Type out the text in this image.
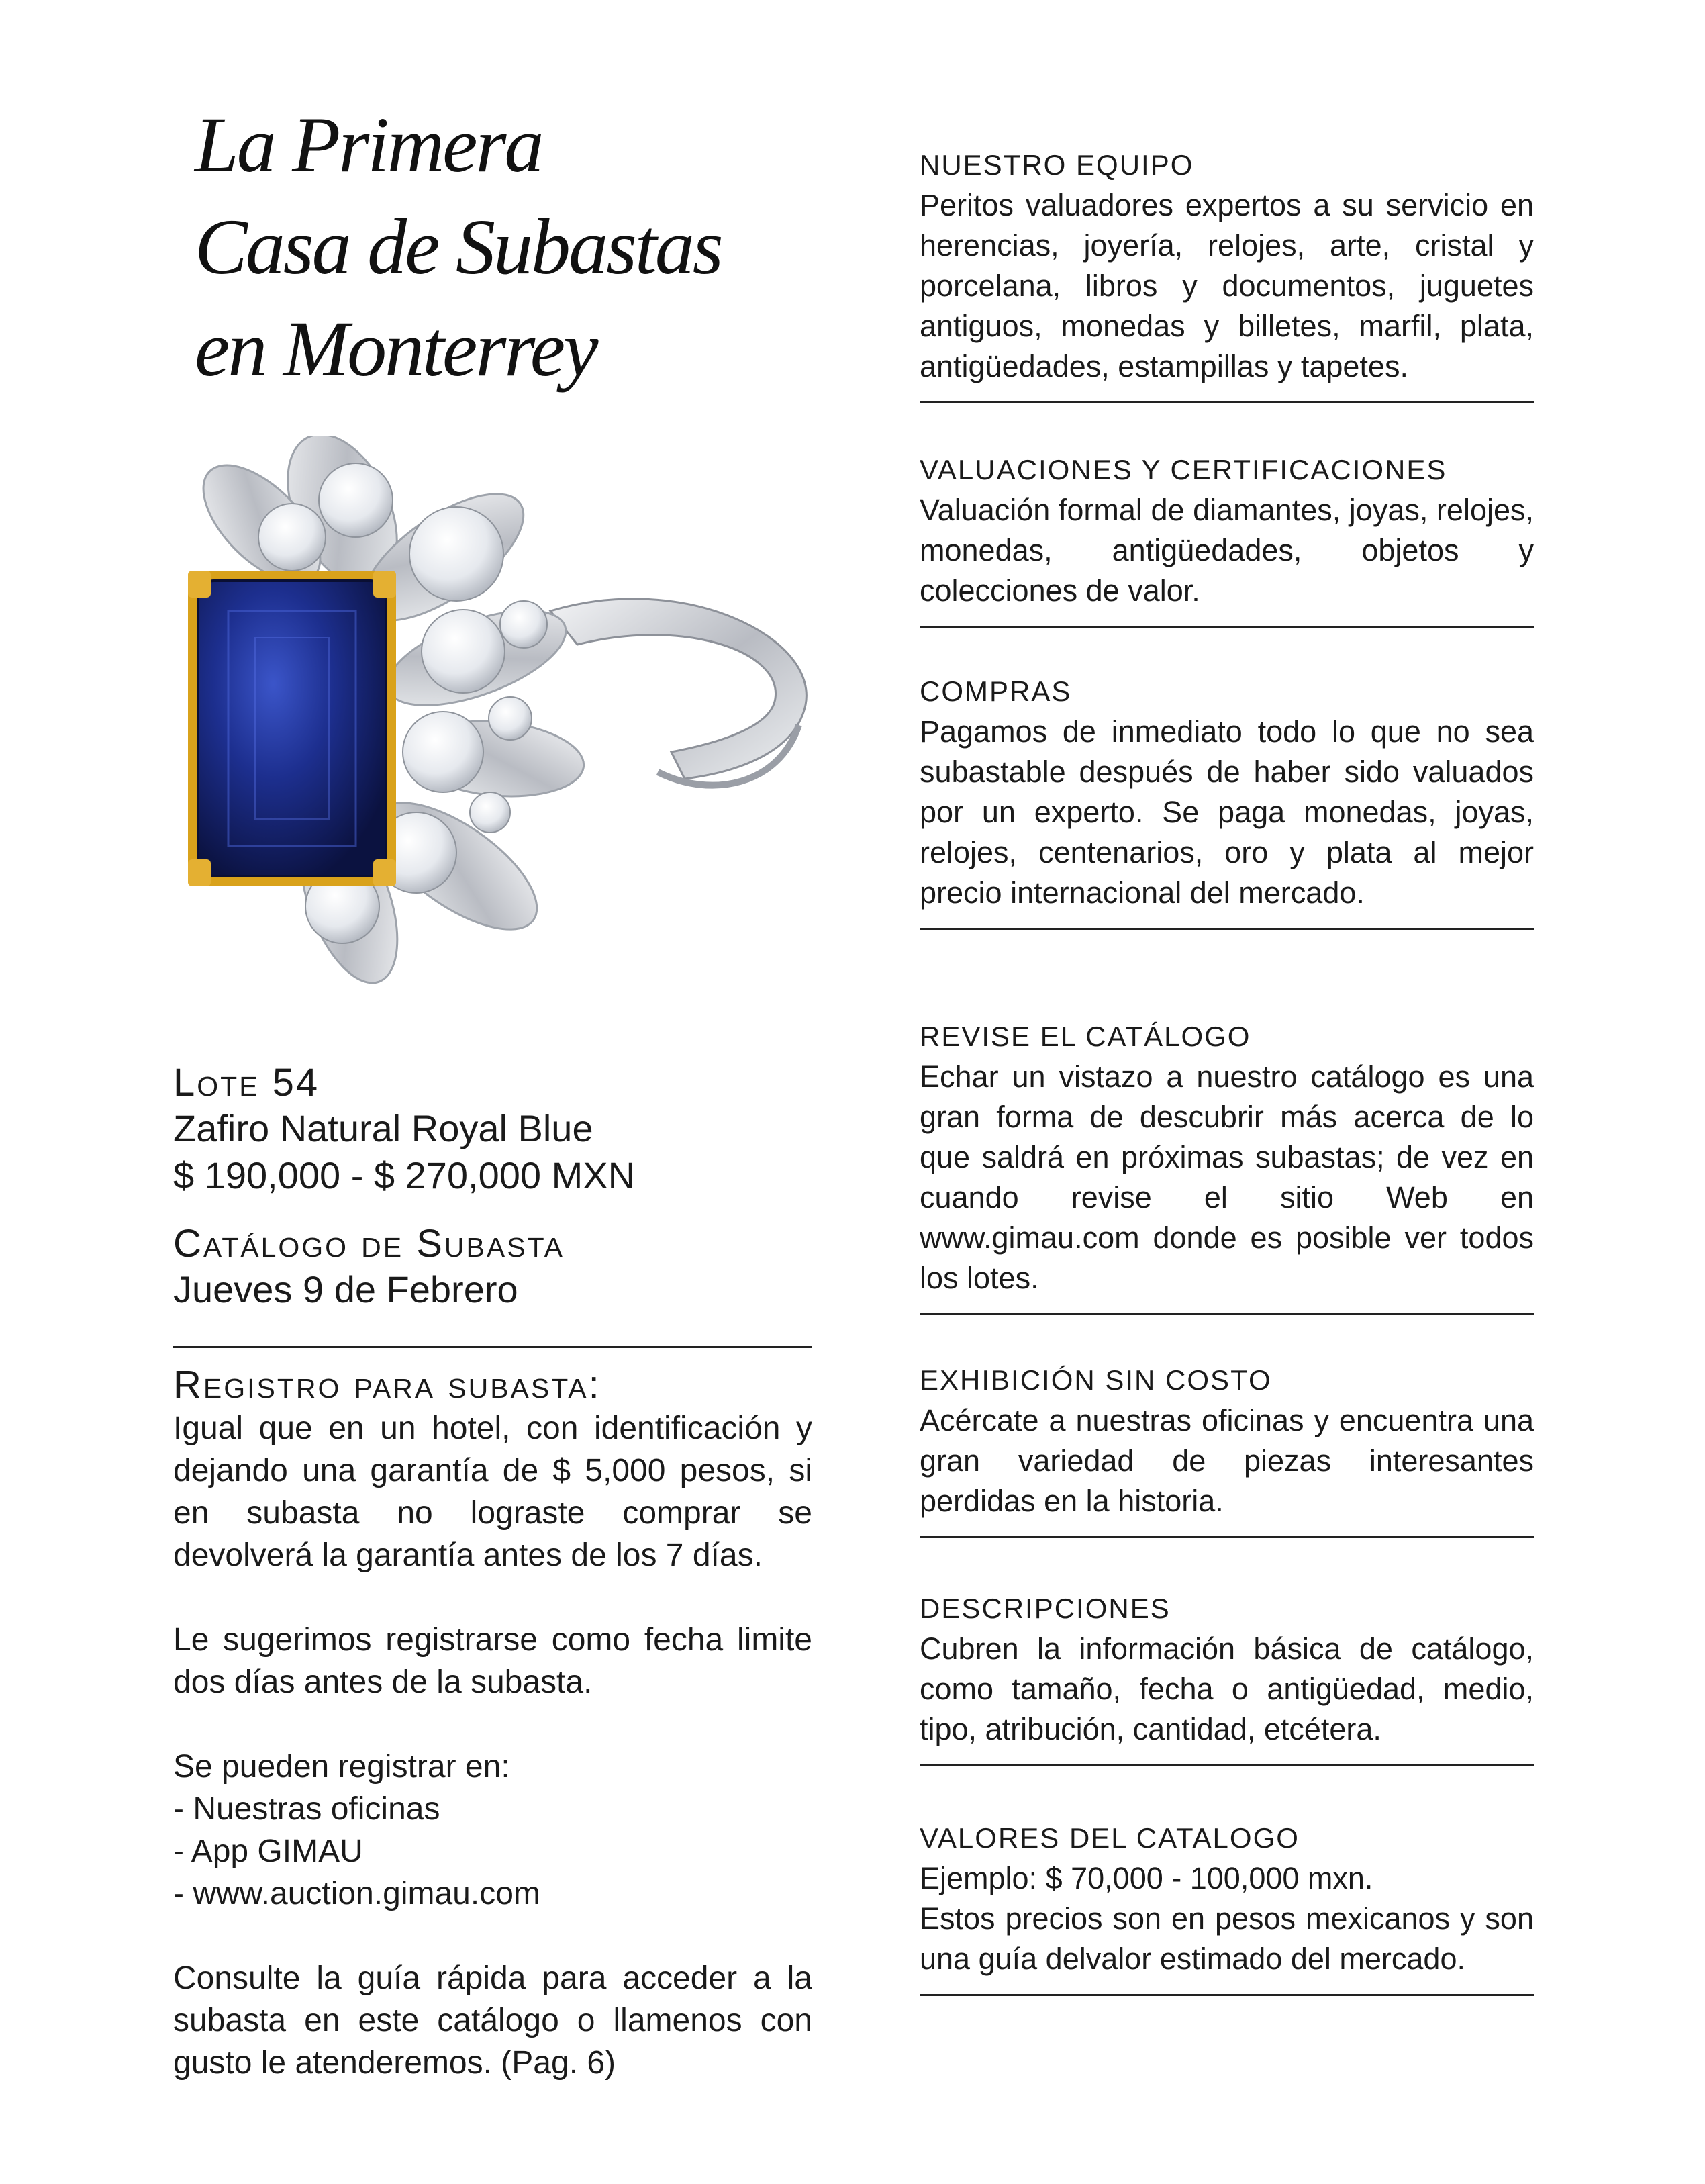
La Primera
Casa de Subastas
en Monterrey
Lote 54
Zafiro Natural Royal Blue
$ 190,000 - $ 270,000 MXN
Catálogo de Subasta
Jueves 9 de Febrero
Registro para subasta:

Igual que en un hotel, con identificación y dejando una garantía de $ 5,000 pesos, si en subasta no lograste comprar se devolverá la garantía antes de los 7 días.

Le sugerimos registrarse como fecha limite dos días antes de la subasta.

Se pueden registrar en:

- Nuestras oficinas
- App GIMAU
- www.auction.gimau.com

Consulte la guía rápida para acceder a la subasta en este catálogo o llamenos con gusto le atenderemos. (Pag. 6)

NUESTRO EQUIPO
Peritos valuadores expertos a su servicio en herencias, joyería, relojes, arte, cristal y porcelana, libros y documentos, juguetes antiguos, monedas y billetes, marfil, plata, antigüedades, estampillas y tapetes.
VALUACIONES Y CERTIFICACIONES
Valuación formal de diamantes, joyas, relojes, monedas, antigüedades, objetos y colecciones de valor.
COMPRAS
Pagamos de inmediato todo lo que no sea subastable después de haber sido valuados por un experto. Se paga monedas, joyas, relojes, centenarios, oro y plata al mejor precio internacional del mercado.
REVISE EL CATÁLOGO
Echar un vistazo a nuestro catálogo es una gran forma de descubrir más acerca de lo que saldrá en próximas subastas; de vez en cuando revise el sitio Web en www.gimau.com donde es posible ver todos los lotes.
EXHIBICIÓN SIN COSTO
Acércate a nuestras oficinas y encuentra una gran variedad de piezas interesantes perdidas en la historia.
DESCRIPCIONES
Cubren la información básica de catálogo, como tamaño, fecha o antigüedad, medio, tipo, atribución, cantidad, etcétera.
VALORES DEL CATALOGO
Ejemplo: $ 70,000 - 100,000 mxn.
Estos precios son en pesos mexicanos y son una guía delvalor estimado del mercado.
